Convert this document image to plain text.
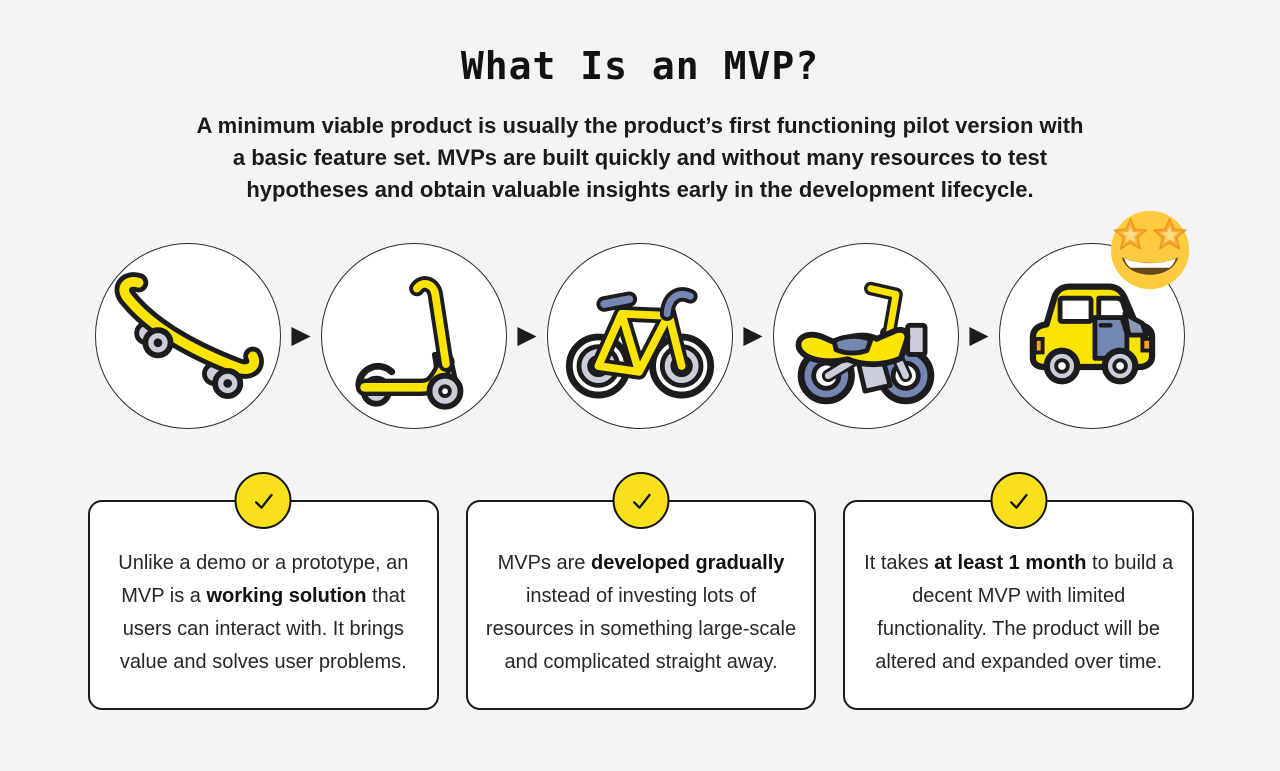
What Is an MVP?

A minimum viable product is usually the product’s first functioning pilot version with
a basic feature set. MVPs are built quickly and without many resources to test
hypotheses and obtain valuable insights early in the development lifecycle.

▶	▶	▶	▶

Unlike a demo or a prototype, an MVP is a working solution that users can interact with. It brings value and solves user problems.

MVPs are developed gradually instead of investing lots of resources in something large-scale and complicated straight away.

It takes at least 1 month to build a decent MVP with limited functionality. The product will be altered and expanded over time.
